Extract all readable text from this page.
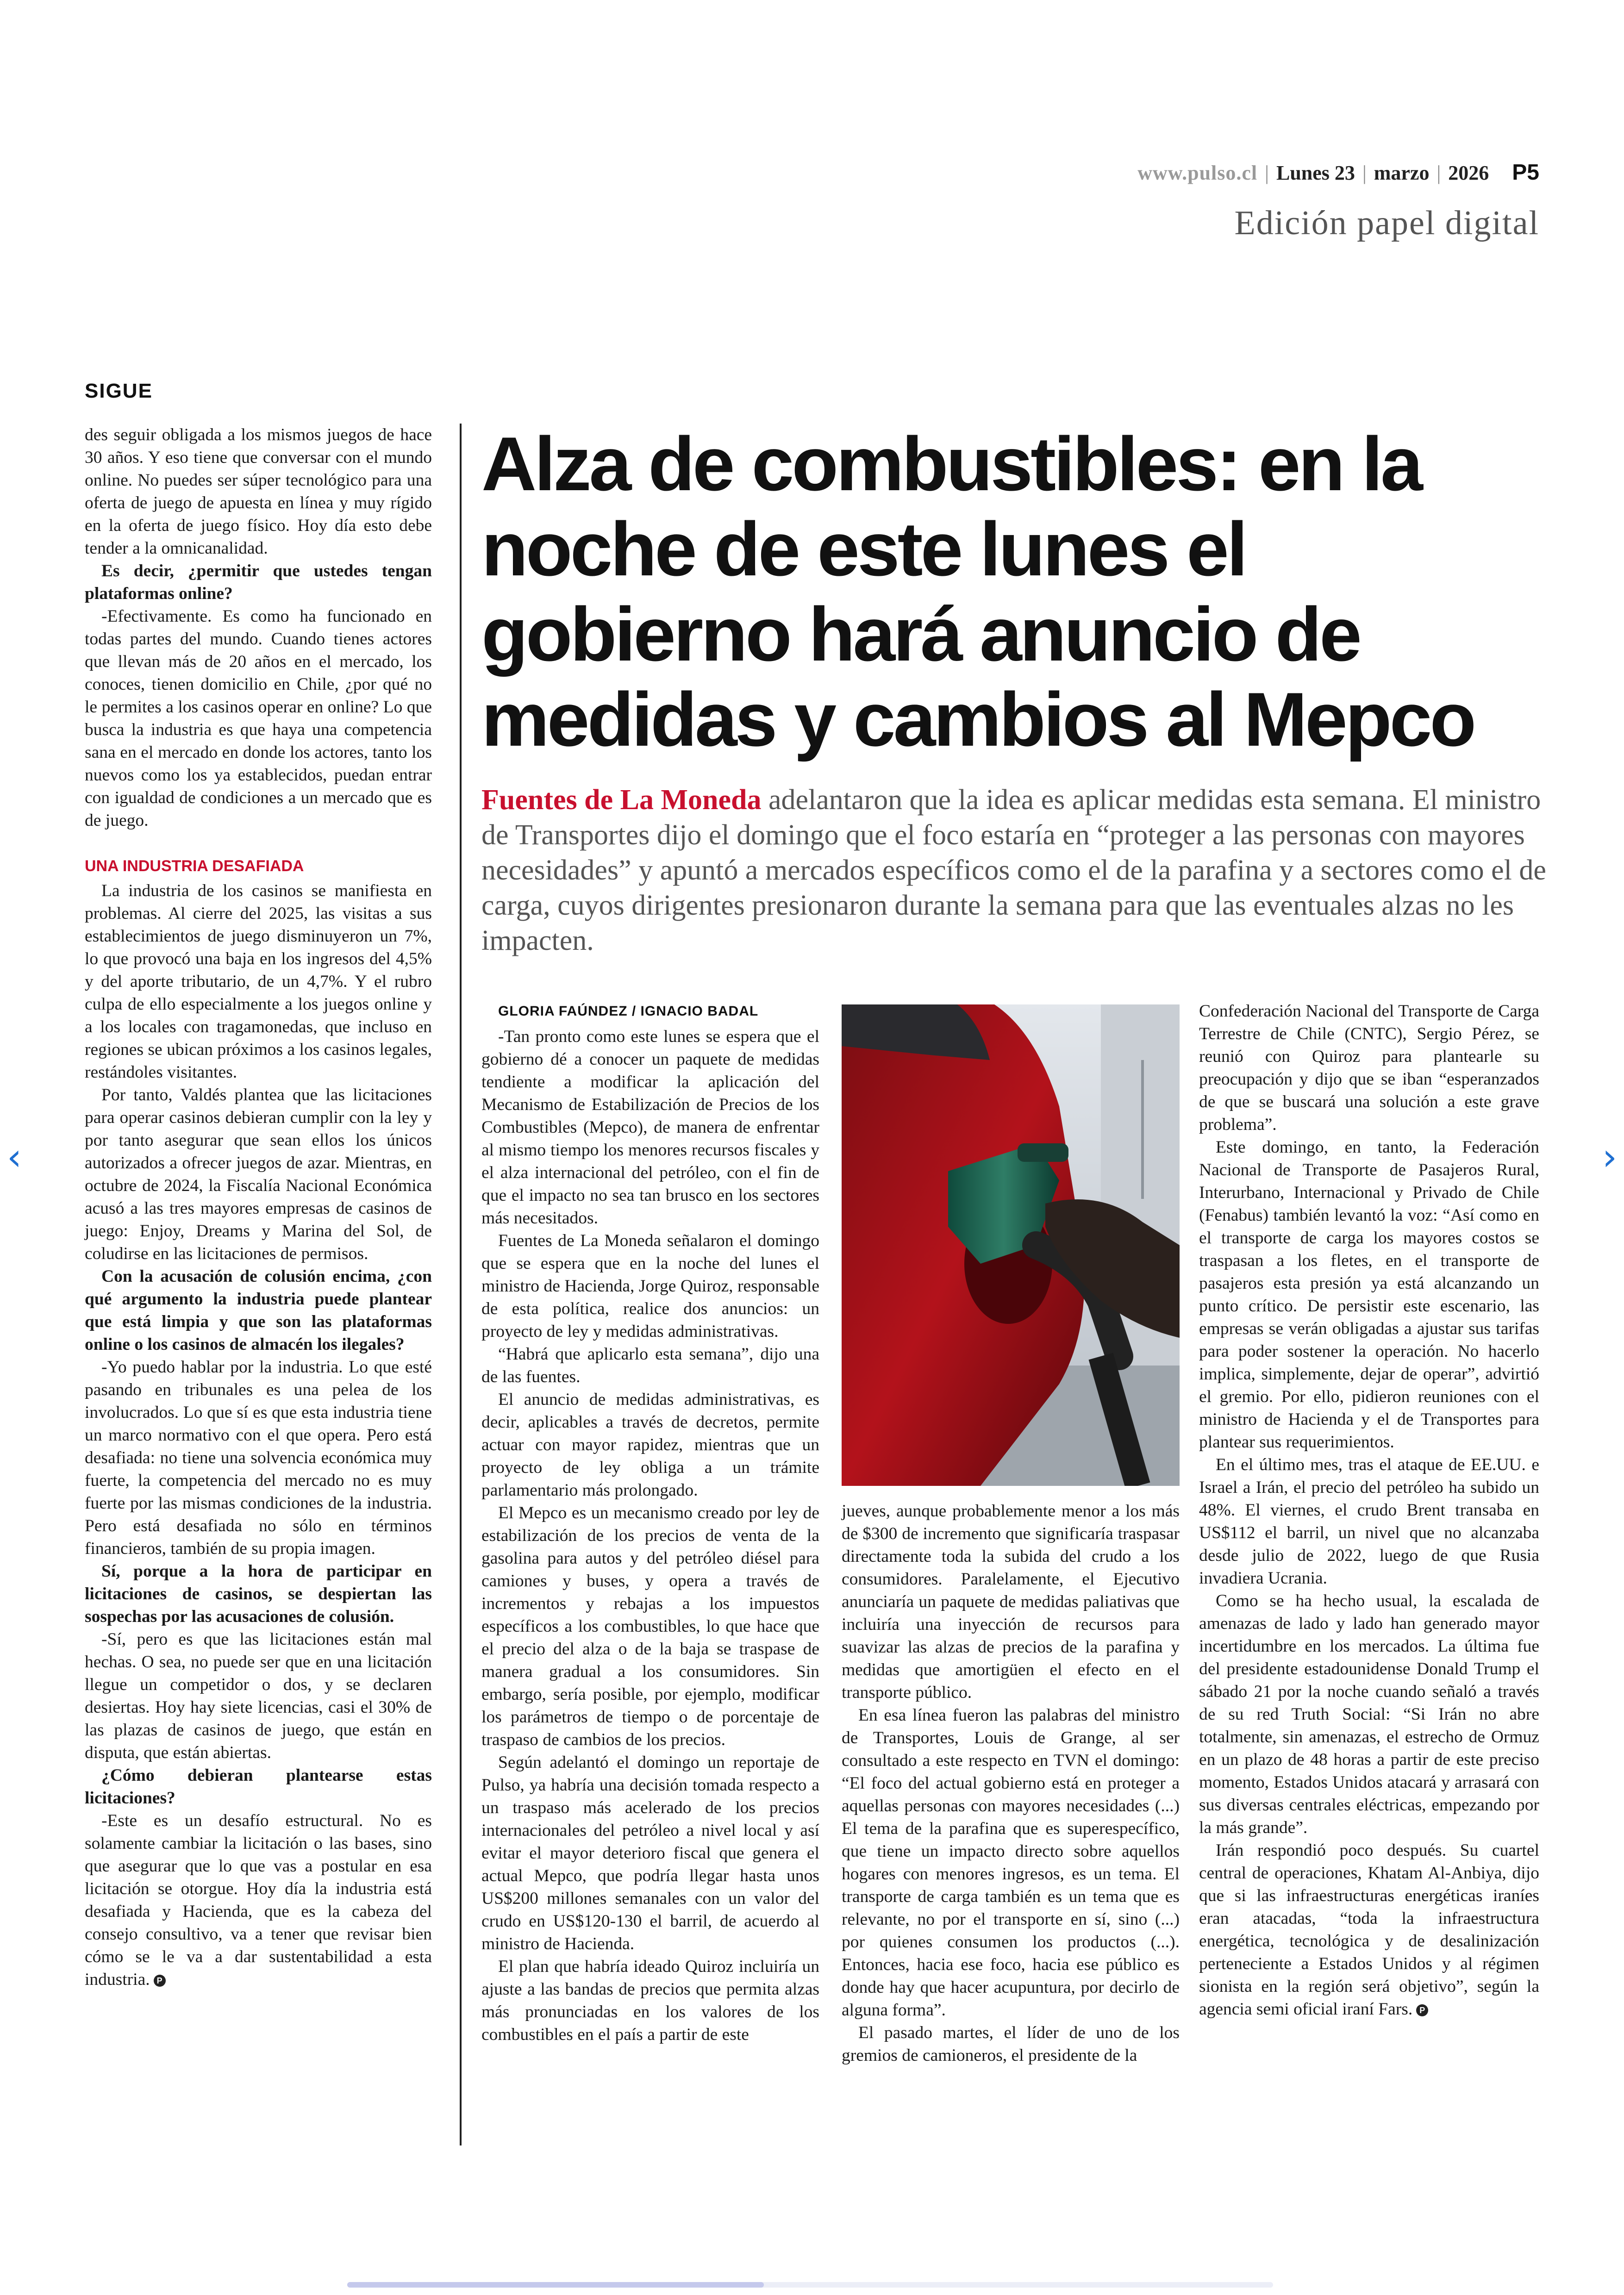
www.pulso.cl | Lunes 23 | marzo | 2026 P5
Edición papel digital
SIGUE

des seguir obligada a los mismos juegos de hace 30 años. Y eso tiene que conversar con el mundo online. No puedes ser súper tecnológico para una oferta de juego de apuesta en línea y muy rígido en la oferta de juego físico. Hoy día esto debe tender a la omnicanalidad.

Es decir, ¿permitir que ustedes tengan plataformas online?

-Efectivamente. Es como ha funcionado en todas partes del mundo. Cuando tienes actores que llevan más de 20 años en el mercado, los conoces, tienen domicilio en Chile, ¿por qué no le permites a los casinos operar en online? Lo que busca la industria es que haya una competencia sana en el mercado en donde los actores, tanto los nuevos como los ya establecidos, puedan entrar con igualdad de condiciones a un mercado que es de juego.

UNA INDUSTRIA DESAFIADA

La industria de los casinos se manifiesta en problemas. Al cierre del 2025, las visitas a sus establecimientos de juego disminuyeron un 7%, lo que provocó una baja en los ingresos del 4,5% y del aporte tributario, de un 4,7%. Y el rubro culpa de ello especialmente a los juegos online y a los locales con tragamonedas, que incluso en regiones se ubican próximos a los casinos legales, restándoles visitantes.

Por tanto, Valdés plantea que las licitaciones para operar casinos debieran cumplir con la ley y por tanto asegurar que sean ellos los únicos autorizados a ofrecer juegos de azar. Mientras, en octubre de 2024, la Fiscalía Nacional Económica acusó a las tres mayores empresas de casinos de juego: Enjoy, Dreams y Marina del Sol, de coludirse en las licitaciones de permisos.

Con la acusación de colusión encima, ¿con qué argumento la industria puede plantear que está limpia y que son las plataformas online o los casinos de almacén los ilegales?

-Yo puedo hablar por la industria. Lo que esté pasando en tribunales es una pelea de los involucrados. Lo que sí es que esta industria tiene un marco normativo con el que opera. Pero está desafiada: no tiene una solvencia económica muy fuerte, la competencia del mercado no es muy fuerte por las mismas condiciones de la industria. Pero está desafiada no sólo en términos financieros, también de su propia imagen.

Sí, porque a la hora de participar en licitaciones de casinos, se despiertan las sospechas por las acusaciones de colusión.

-Sí, pero es que las licitaciones están mal hechas. O sea, no puede ser que en una licitación llegue un competidor o dos, y se declaren desiertas. Hoy hay siete licencias, casi el 30% de las plazas de casinos de juego, que están en disputa, que están abiertas.

¿Cómo debieran plantearse estas licitaciones?

-Este es un desafío estructural. No es solamente cambiar la licitación o las bases, sino que asegurar que lo que vas a postular en esa licitación se otorgue. Hoy día la industria está desafiada y Hacienda, que es la cabeza del consejo consultivo, va a tener que revisar bien cómo se le va a dar sustentabilidad a esta industria. P

Alza de combustibles: en la noche de este lunes el gobierno hará anuncio de medidas y cambios al Mepco

Fuentes de La Moneda adelantaron que la idea es aplicar medidas esta semana. El ministro de Transportes dijo el domingo que el foco estaría en “proteger a las personas con mayores necesidades” y apuntó a mercados específicos como el de la parafina y a sectores como el de carga, cuyos dirigentes presionaron durante la semana para que las eventuales alzas no les impacten.

GLORIA FAÚNDEZ / IGNACIO BADAL

-Tan pronto como este lunes se espera que el gobierno dé a conocer un paquete de medidas tendiente a modificar la aplicación del Mecanismo de Estabilización de Precios de los Combustibles (Mepco), de manera de enfrentar al mismo tiempo los menores recursos fiscales y el alza internacional del petróleo, con el fin de que el impacto no sea tan brusco en los sectores más necesitados.

Fuentes de La Moneda señalaron el domingo que se espera que en la noche del lunes el ministro de Hacienda, Jorge Quiroz, responsable de esta política, realice dos anuncios: un proyecto de ley y medidas administrativas.

“Habrá que aplicarlo esta semana”, dijo una de las fuentes.

El anuncio de medidas administrativas, es decir, aplicables a través de decretos, permite actuar con mayor rapidez, mientras que un proyecto de ley obliga a un trámite parlamentario más prolongado.

El Mepco es un mecanismo creado por ley de estabilización de los precios de venta de la gasolina para autos y del petróleo diésel para camiones y buses, y opera a través de incrementos y rebajas a los impuestos específicos a los combustibles, lo que hace que el precio del alza o de la baja se traspase de manera gradual a los consumidores. Sin embargo, sería posible, por ejemplo, modificar los parámetros de tiempo o de porcentaje de traspaso de cambios de los precios.

Según adelantó el domingo un reportaje de Pulso, ya habría una decisión tomada respecto a un traspaso más acelerado de los precios internacionales del petróleo a nivel local y así evitar el mayor deterioro fiscal que genera el actual Mepco, que podría llegar hasta unos US$200 millones semanales con un valor del crudo en US$120-130 el barril, de acuerdo al ministro de Hacienda.

El plan que habría ideado Quiroz incluiría un ajuste a las bandas de precios que permita alzas más pronunciadas en los valores de los combustibles en el país a partir de este

jueves, aunque probablemente menor a los más de $300 de incremento que significaría traspasar directamente toda la subida del crudo a los consumidores. Paralelamente, el Ejecutivo anunciaría un paquete de medidas paliativas que incluiría una inyección de recursos para suavizar las alzas de precios de la parafina y medidas que amortigüen el efecto en el transporte público.

En esa línea fueron las palabras del ministro de Transportes, Louis de Grange, al ser consultado a este respecto en TVN el domingo: “El foco del actual gobierno está en proteger a aquellas personas con mayores necesidades (...) El tema de la parafina que es superespecífico, que tiene un impacto directo sobre aquellos hogares con menores ingresos, es un tema. El transporte de carga también es un tema que es relevante, no por el transporte en sí, sino (...) por quienes consumen los productos (...). Entonces, hacia ese foco, hacia ese público es donde hay que hacer acupuntura, por decirlo de alguna forma”.

El pasado martes, el líder de uno de los gremios de camioneros, el presidente de la

Confederación Nacional del Transporte de Carga Terrestre de Chile (CNTC), Sergio Pérez, se reunió con Quiroz para plantearle su preocupación y dijo que se iban “esperanzados de que se buscará una solución a este grave problema”.

Este domingo, en tanto, la Federación Nacional de Transporte de Pasajeros Rural, Interurbano, Internacional y Privado de Chile (Fenabus) también levantó la voz: “Así como en el transporte de carga los mayores costos se traspasan a los fletes, en el transporte de pasajeros esta presión ya está alcanzando un punto crítico. De persistir este escenario, las empresas se verán obligadas a ajustar sus tarifas para poder sostener la operación. No hacerlo implica, simplemente, dejar de operar”, advirtió el gremio. Por ello, pidieron reuniones con el ministro de Hacienda y el de Transportes para plantear sus requerimientos.

En el último mes, tras el ataque de EE.UU. e Israel a Irán, el precio del petróleo ha subido un 48%. El viernes, el crudo Brent transaba en US$112 el barril, un nivel que no alcanzaba desde julio de 2022, luego de que Rusia invadiera Ucrania.

Como se ha hecho usual, la escalada de amenazas de lado y lado han generado mayor incertidumbre en los mercados. La última fue del presidente estadounidense Donald Trump el sábado 21 por la noche cuando señaló a través de su red Truth Social: “Si Irán no abre totalmente, sin amenazas, el estrecho de Ormuz en un plazo de 48 horas a partir de este preciso momento, Estados Unidos atacará y arrasará con sus diversas centrales eléctricas, empezando por la más grande”.

Irán respondió poco después. Su cuartel central de operaciones, Khatam Al-Anbiya, dijo que si las infraestructuras energéticas iraníes eran atacadas, “toda la infraestructura energética, tecnológica y de desalinización perteneciente a Estados Unidos y al régimen sionista en la región será objetivo”, según la agencia semi oficial iraní Fars. P

‹	›
